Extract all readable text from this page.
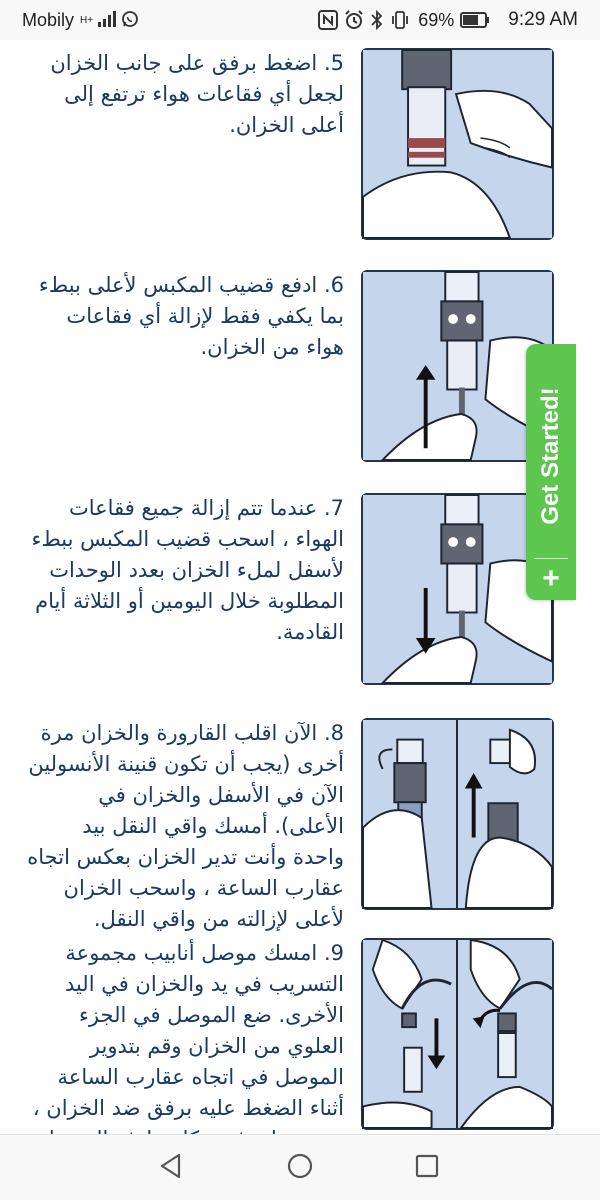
Mobily H+	69%	9:29 AM
5. اضغط برفق على جانب الخزان لجعل أي فقاعات هواء ترتفع إلى أعلى الخزان.
6. ادفع قضيب المكبس لأعلى ببطء بما يكفي فقط لإزالة أي فقاعات هواء من الخزان.
7. عندما تتم إزالة جميع فقاعات الهواء ، اسحب قضيب المكبس ببطء لأسفل لملء الخزان بعدد الوحدات المطلوبة خلال اليومين أو الثلاثة أيام القادمة.
8. الآن اقلب القارورة والخزان مرة أخرى (يجب أن تكون قنينة الأنسولين الآن في الأسفل والخزان في الأعلى). أمسك واقي النقل بيد واحدة وأنت تدير الخزان بعكس اتجاه عقارب الساعة ، واسحب الخزان لأعلى لإزالته من واقي النقل.
9. امسك موصل أنابيب مجموعة التسريب في يد والخزان في اليد الأخرى. ضع الموصل في الجزء العلوي من الخزان وقم بتدوير الموصل في اتجاه عقارب الساعة أثناء الضغط عليه برفق ضد الخزان ،
Get Started!
+
